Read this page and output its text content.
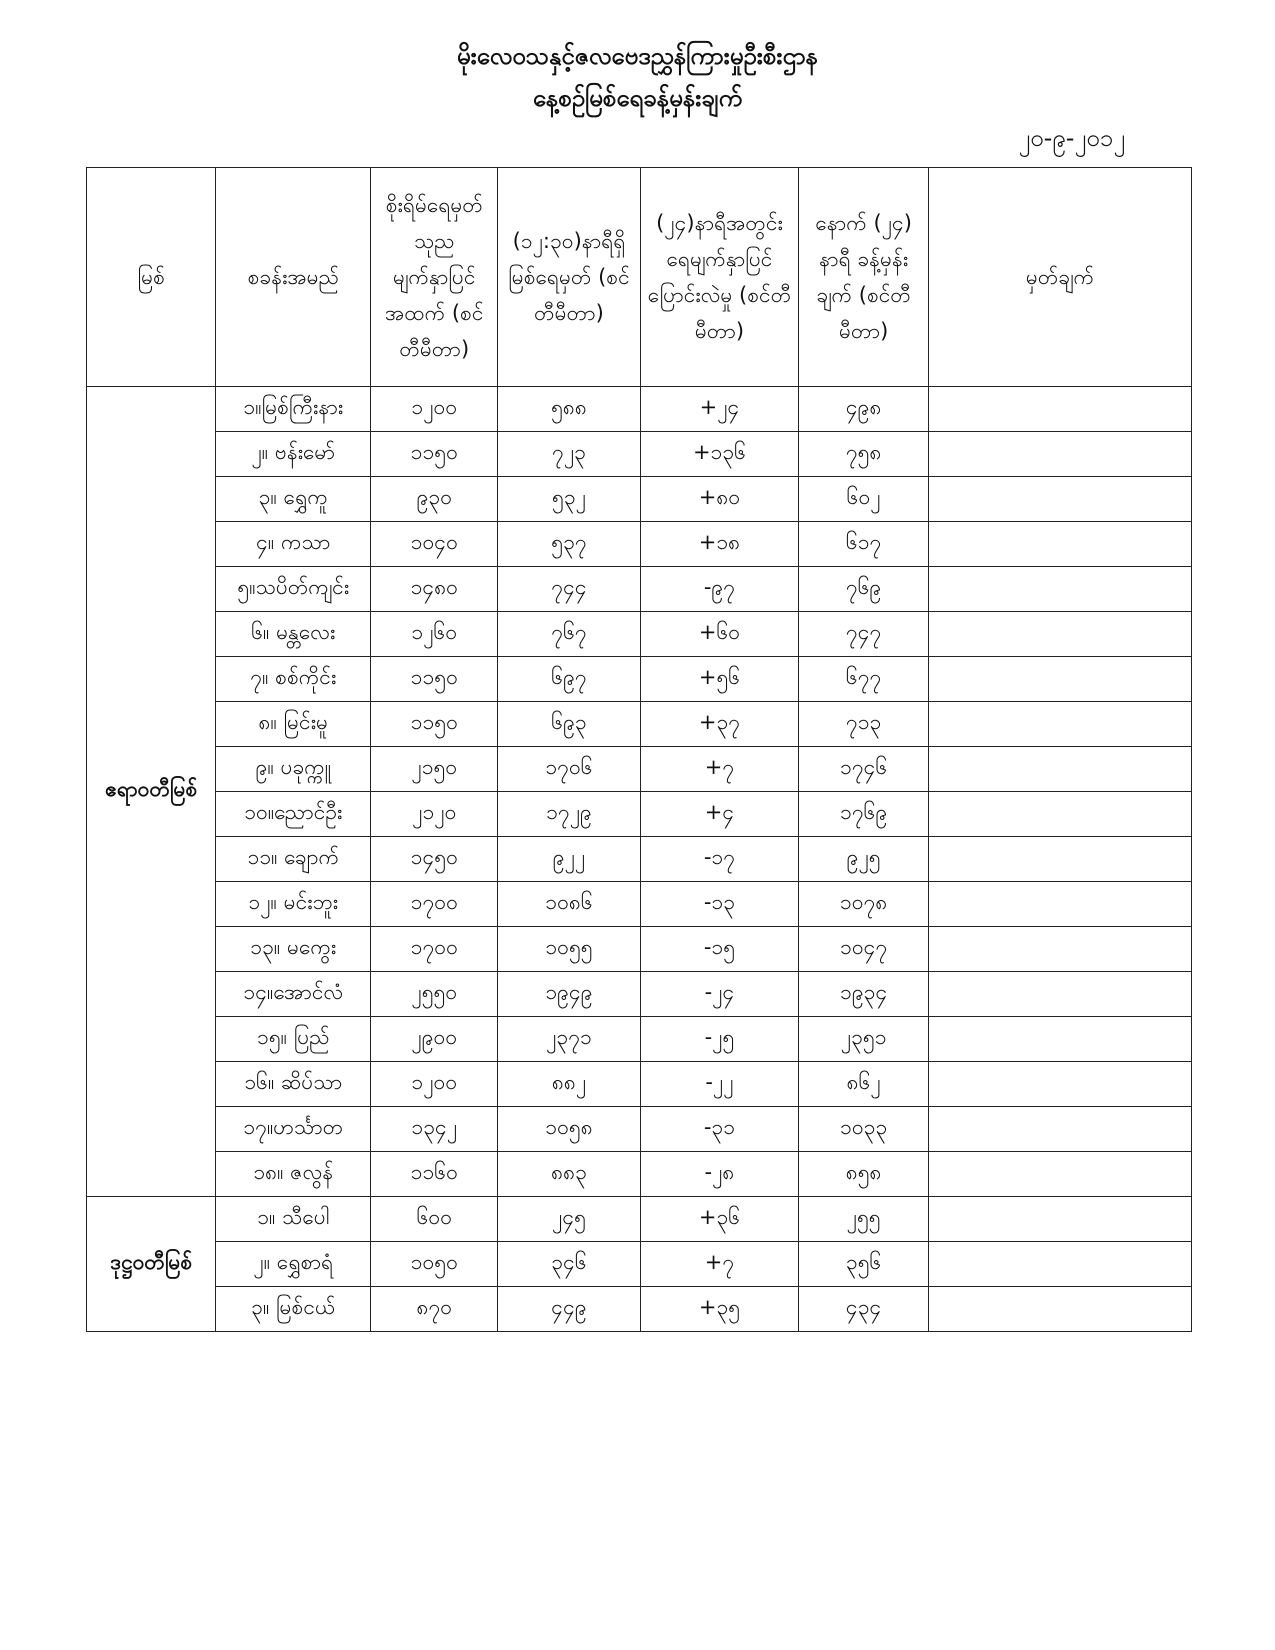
မိုးလေဝသနှင့်ဇလဗေဒညွှန်ကြားမှုဦးစီးဌာန
နေ့စဉ်မြစ်ရေခန့်မှန်းချက်
၂၀-၉-၂၀၁၂
မြစ်	စခန်းအမည်	စိုးရိမ်ရေမှတ် သုည မျက်နှာပြင် အထက် (စင်တီမီတာ)	(၁၂:၃၀)နာရီရှိ မြစ်ရေမှတ် (စင်တီမီတာ)	(၂၄)နာရီအတွင်း ရေမျက်နှာပြင် ပြောင်းလဲမှု (စင်တီမီတာ)	နောက် (၂၄) နာရီ ခန့်မှန်းချက် (စင်တီမီတာ)	မှတ်ချက်
ဧရာဝတီမြစ်	၁။မြစ်ကြီးနား	၁၂၀၀	၅၈၈	+၂၄	၄၉၈	
	၂။ ဗန်းမော်	၁၁၅၀	၇၂၃	+၁၃၆	၇၅၈	
	၃။ ရွှေကူ	၉၃၀	၅၃၂	+၈၀	၆၀၂	
	၄။ ကသာ	၁၀၄၀	၅၃၇	+၁၈	၆၁၇	
	၅။သပိတ်ကျင်း	၁၄၈၀	၇၄၄	-၉၇	၇၆၉	
	၆။ မန္တလေး	၁၂၆၀	၇၆၇	+၆၀	၇၄၇	
	၇။ စစ်ကိုင်း	၁၁၅၀	၆၉၇	+၅၆	၆၇၇	
	၈။ မြင်းမူ	၁၁၅၀	၆၉၃	+၃၇	၇၁၃	
	၉။ ပခုက္ကူ	၂၁၅၀	၁၇၀၆	+၇	၁၇၄၆	
	၁၀။ညောင်ဦး	၂၁၂၀	၁၇၂၉	+၄	၁၇၆၉	
	၁၁။ ချောက်	၁၄၅၀	၉၂၂	-၁၇	၉၂၅	
	၁၂။ မင်းဘူး	၁၇၀၀	၁၀၈၆	-၁၃	၁၀၇၈	
	၁၃။ မကွေး	၁၇၀၀	၁၀၅၅	-၁၅	၁၀၄၇	
	၁၄။အောင်လံ	၂၅၅၀	၁၉၄၉	-၂၄	၁၉၃၄	
	၁၅။ ပြည်	၂၉၀၀	၂၃၇၁	-၂၅	၂၃၅၁	
	၁၆။ ဆိပ်သာ	၁၂၀၀	၈၈၂	-၂၂	၈၆၂	
	၁၇။ဟင်္သာတ	၁၃၄၂	၁၀၅၈	-၃၁	၁၀၃၃	
	၁၈။ ဇလွန်	၁၁၆၀	၈၈၃	-၂၈	၈၅၈	
ဒုဋ္ဌဝတီမြစ်	၁။ သီပေါ	၆၀၀	၂၄၅	+၃၆	၂၅၅	
	၂။ ရွှေစာရံ	၁၀၅၀	၃၄၆	+၇	၃၅၆	
	၃။ မြစ်ငယ်	၈၇၀	၄၄၉	+၃၅	၄၃၄	
